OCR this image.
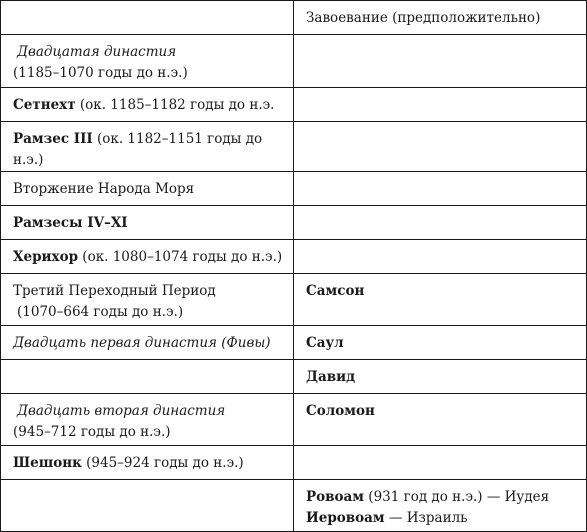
	Завоевание (предположительно)

Двадцатая династия
(1185–1070 годы до н.э.)	

Сетнехт (ок. 1185–1182 годы до н.э.	

Рамзес III (ок. 1182–1151 годы до н.э.)	

Вторжение Народа Моря	

Рамзесы IV–XI	

Херихор (ок. 1080–1074 годы до н.э.)	

Третий Переходный Период
(1070–664 годы до н.э.)	Самсон

Двадцать первая династия (Фивы)	Саул

	Давид

Двадцать вторая династия
(945–712 годы до н.э.)	Соломон

Шешонк (945–924 годы до н.э.)	

	Ровоам (931 год до н.э.) — Иудея
Иеровоам — Израиль
